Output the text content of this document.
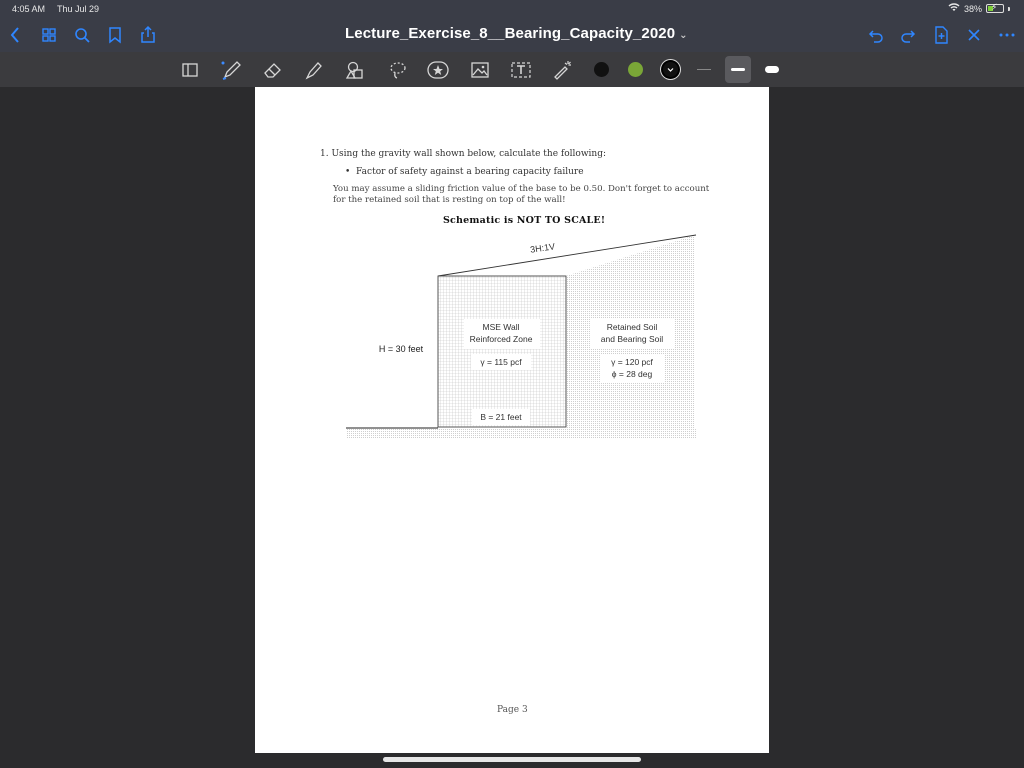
4:05 AM Thu Jul 29	38% ⚡
Lecture_Exercise_8__Bearing_Capacity_2020 ⌄
1. Using the gravity wall shown below, calculate the following:
•  Factor of safety against a bearing capacity failure
You may assume a sliding friction value of the base to be 0.50. Don't forget to account
for the retained soil that is resting on top of the wall!
Schematic is NOT TO SCALE!
3H:1V
H = 30 feet
MSE Wall
Reinforced Zone
γ = 115 pcf
Retained Soil
and Bearing Soil
γ = 120 pcf
ϕ = 28 deg
B = 21 feet
Page 3
